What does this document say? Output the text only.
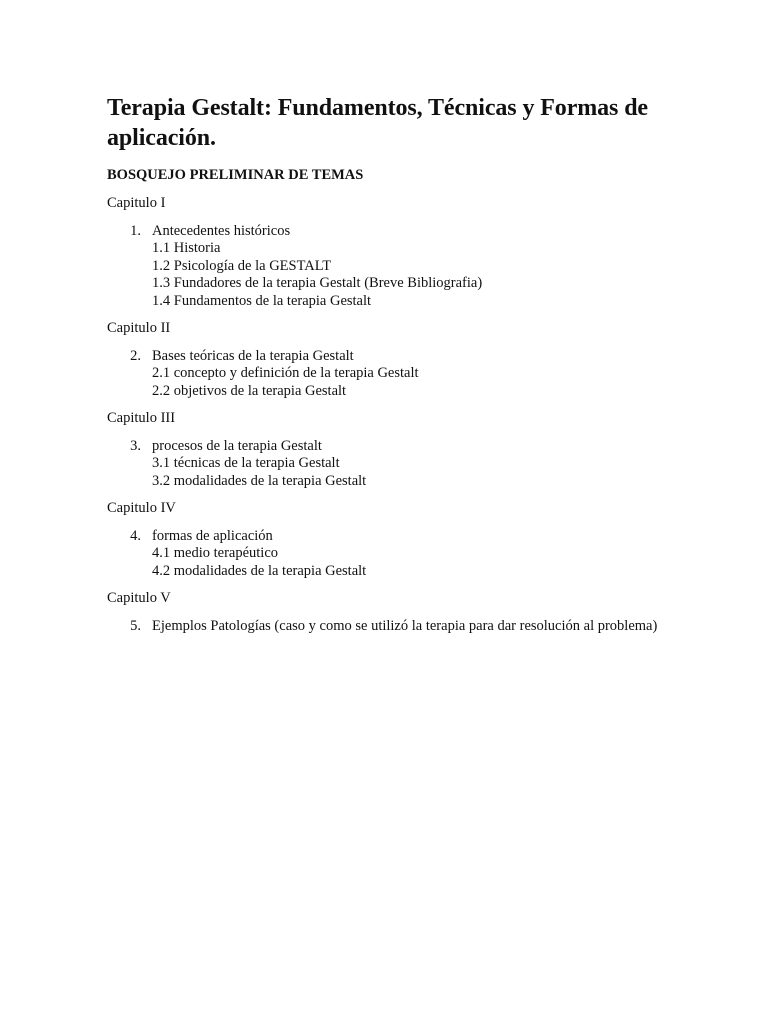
Terapia Gestalt: Fundamentos, Técnicas y Formas de aplicación.

BOSQUEJO PRELIMINAR DE TEMAS

Capitulo I

1. Antecedentes históricos
1.1 Historia
1.2 Psicología de la GESTALT
1.3 Fundadores de la terapia Gestalt (Breve Bibliografia)
1.4 Fundamentos de la terapia Gestalt

Capitulo II

2. Bases teóricas de la terapia Gestalt
2.1 concepto y definición de la terapia Gestalt
2.2 objetivos de la terapia Gestalt

Capitulo III

3. procesos de la terapia Gestalt
3.1 técnicas de la terapia Gestalt
3.2 modalidades de la terapia Gestalt

Capitulo IV

4. formas de aplicación
4.1 medio terapéutico
4.2 modalidades de la terapia Gestalt

Capitulo V

5. Ejemplos Patologías (caso y como se utilizó la terapia para dar resolución al problema)
